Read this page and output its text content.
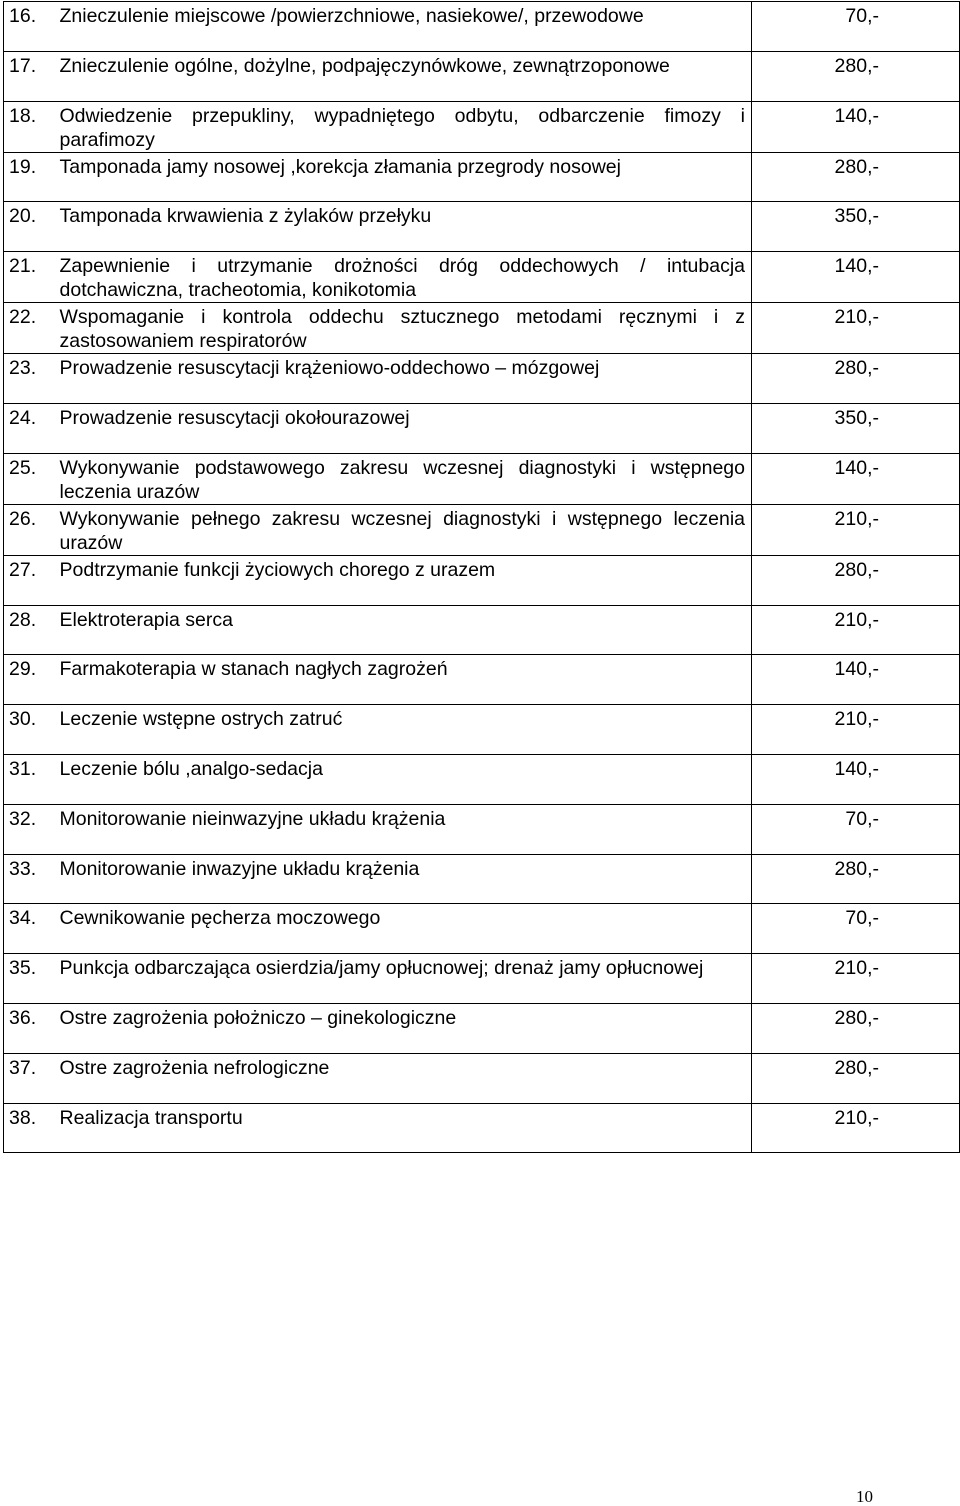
16.	Znieczulenie miejscowe /powierzchniowe, nasiekowe/, przewodowe	70,-
17.	Znieczulenie ogólne, dożylne, podpajęczynówkowe, zewnątrzoponowe	280,-
18.	Odwiedzenie przepukliny, wypadniętego odbytu, odbarczenie fimozy i parafimozy	140,-
19.	Tamponada jamy nosowej ,korekcja złamania przegrody nosowej	280,-
20.	Tamponada krwawienia z żylaków przełyku	350,-
21.	Zapewnienie i utrzymanie drożności dróg oddechowych / intubacja dotchawiczna, tracheotomia, konikotomia	140,-
22.	Wspomaganie i kontrola oddechu sztucznego metodami ręcznymi i z zastosowaniem respiratorów	210,-
23.	Prowadzenie resuscytacji krążeniowo-oddechowo – mózgowej	280,-
24.	Prowadzenie resuscytacji okołourazowej	350,-
25.	Wykonywanie podstawowego zakresu wczesnej diagnostyki i wstępnego leczenia urazów	140,-
26.	Wykonywanie pełnego zakresu wczesnej diagnostyki i wstępnego leczenia urazów	210,-
27.	Podtrzymanie funkcji życiowych chorego z urazem	280,-
28.	Elektroterapia serca	210,-
29.	Farmakoterapia w stanach nagłych zagrożeń	140,-
30.	Leczenie wstępne ostrych zatruć	210,-
31.	Leczenie bólu ,analgo-sedacja	140,-
32.	Monitorowanie nieinwazyjne układu krążenia	70,-
33.	Monitorowanie inwazyjne układu krążenia	280,-
34.	Cewnikowanie pęcherza moczowego	70,-
35.	Punkcja odbarczająca osierdzia/jamy opłucnowej; drenaż jamy opłucnowej	210,-
36.	Ostre zagrożenia położniczo – ginekologiczne	280,-
37.	Ostre zagrożenia nefrologiczne	280,-
38.	Realizacja transportu	210,-
10
